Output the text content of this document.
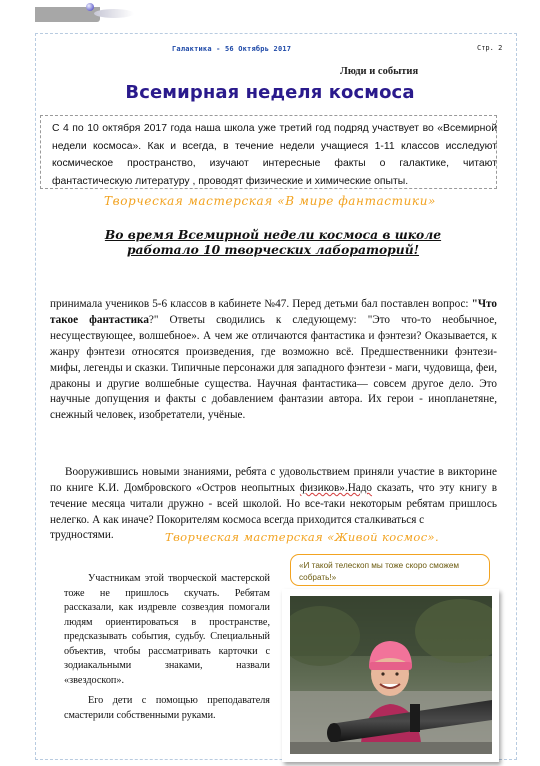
Галактика - 56 Октябрь 2017	Стр. 2
Люди и события
Всемирная неделя космоса
С 4 по 10 октября 2017 года наша школа уже третий год подряд участвует во «Всемирной недели космоса». Как и всегда, в течение недели учащиеся 1-11 классов исследуют космическое пространство, изучают интересные факты о галактике, читают фантастическую литературу , проводят физические и химические опыты.
Творческая мастерская «В мире фантастики»
Во время Всемирной недели космоса в школе работало 10 творческих лабораторий!

принимала учеников 5-6 классов в кабинете №47. Перед детьми бал поставлен вопрос: "Что такое фантастика?" Ответы сводились к следующему: "Это что-то необычное, несуществующее, волшебное». А чем же отличаются фантастика и фэнтези? Оказывается, к жанру фэнтези относятся произведения, где возможно всё. Предшественники фэнтези- мифы, легенды и сказки. Типичные персонажи для западного фэнтези - маги, чудовища, феи, драконы и другие волшебные существа. Научная фантастика— совсем другое дело. Это научные допущения и факты с добавлением фантазии автора. Их герои - инопланетяне, снежный человек, изобретатели, учёные.

Вооружившись новыми знаниями, ребята с удовольствием приняли участие в викторине по книге К.И. Домбровского «Остров неопытных физиков».Надо сказать, что эту книгу в течение месяца читали дружно - всей школой. Но все-таки некоторым ребятам пришлось нелегко. А как иначе? Покорителям космоса всегда приходится сталкиваться с

трудностями.	Творческая мастерская «Живой космос».

Участникам этой творческой мастерской тоже не пришлось скучать. Ребятам рассказали, как издревле созвездия помогали людям ориентироваться в пространстве, предсказывать события, судьбу. Специальный объектив, чтобы рассматривать карточки с зодиакальными знаками, назвали «звездоскоп».

Его дети с помощью преподавателя смастерили собственными руками.

«И такой телескоп мы тоже скоро сможем собрать!»
